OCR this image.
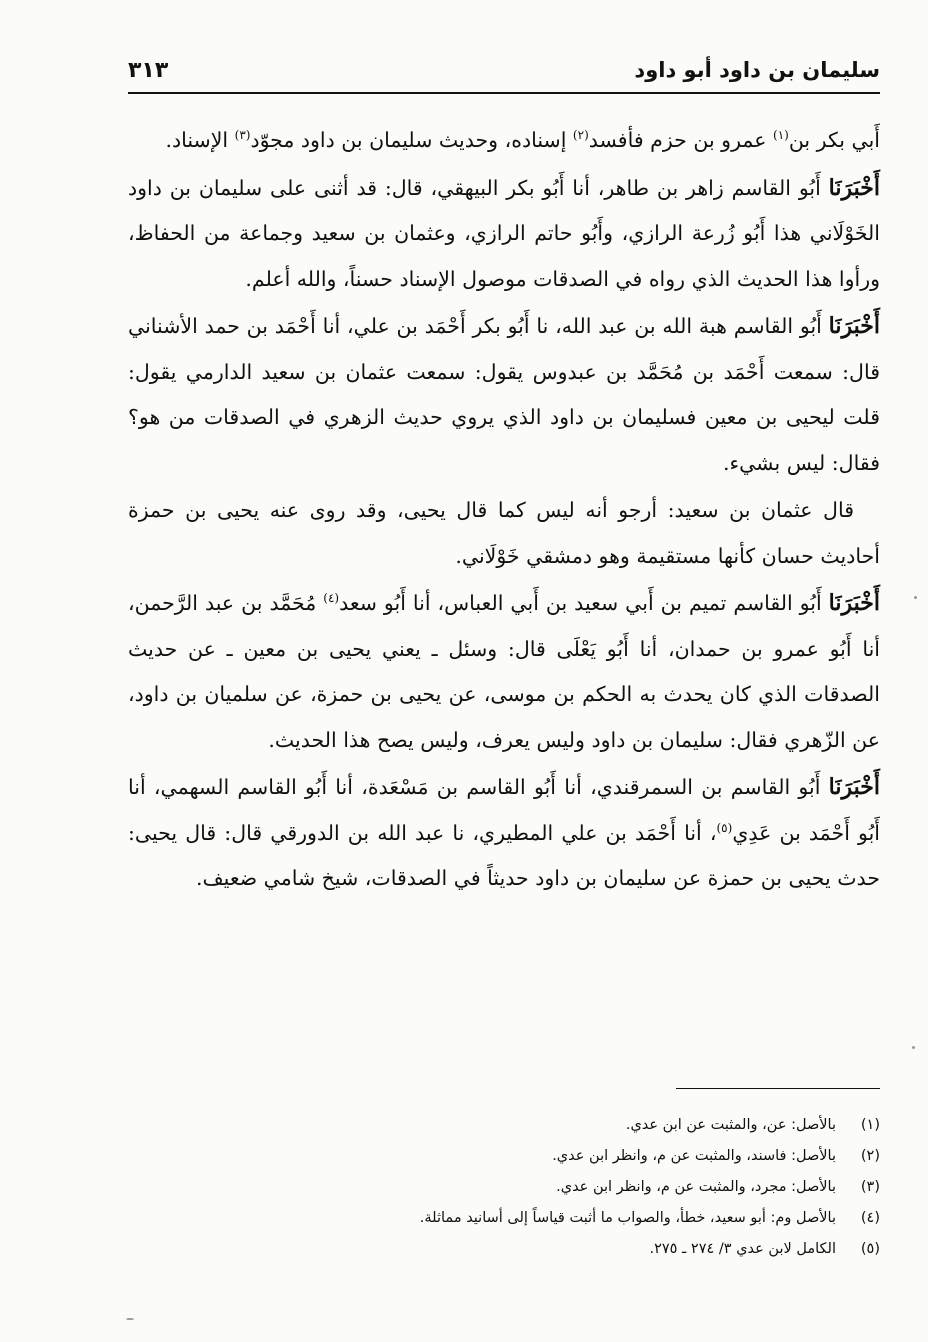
سليمان بن داود أبو داود
٣١٣

أَبي بكر بن$^{(١)}$ عمرو بن حزم فأفسد$^{(٢)}$ إسناده، وحديث سليمان بن داود مجوّد$^{(٣)}$ الإسناد.

أَخْبَرَنَا أَبُو القاسم زاهر بن طاهر، أنا أَبُو بكر البيهقي، قال: قد أثنى على سليمان بن داود الخَوْلَاني هذا أَبُو زُرعة الرازي، وأَبُو حاتم الرازي، وعثمان بن سعيد وجماعة من الحفاظ، ورأوا هذا الحديث الذي رواه في الصدقات موصول الإسناد حسناً، والله أعلم.

أَخْبَرَنَا أَبُو القاسم هبة الله بن عبد الله، نا أَبُو بكر أَحْمَد بن علي، أنا أَحْمَد بن حمد الأشناني قال: سمعت أَحْمَد بن مُحَمَّد بن عبدوس يقول: سمعت عثمان بن سعيد الدارمي يقول: قلت ليحيى بن معين فسليمان بن داود الذي يروي حديث الزهري في الصدقات من هو؟ فقال: ليس بشيء.

قال عثمان بن سعيد: أرجو أنه ليس كما قال يحيى، وقد روى عنه يحيى بن حمزة أحاديث حسان كأنها مستقيمة وهو دمشقي خَوْلَاني.

أَخْبَرَنَا أَبُو القاسم تميم بن أَبي سعيد بن أَبي العباس، أنا أَبُو سعد$^{(٤)}$ مُحَمَّد بن عبد الرَّحمن، أنا أَبُو عمرو بن حمدان، أنا أَبُو يَعْلَى قال: وسئل ـ يعني يحيى بن معين ـ عن حديث الصدقات الذي كان يحدث به الحكم بن موسى، عن يحيى بن حمزة، عن سلميان بن داود، عن الزّهري فقال: سليمان بن داود وليس يعرف، وليس يصح هذا الحديث.

أَخْبَرَنَا أَبُو القاسم بن السمرقندي، أنا أَبُو القاسم بن مَسْعَدة، أنا أَبُو القاسم السهمي، أنا أَبُو أَحْمَد بن عَدِي$^{(٥)}$، أنا أَحْمَد بن علي المطيري، نا عبد الله بن الدورقي قال: قال يحيى: حدث يحيى بن حمزة عن سليمان بن داود حديثاً في الصدقات، شيخ شامي ضعيف.

(١)بالأصل: عن، والمثبت عن ابن عدي.
(٢)بالأصل: فاسند، والمثبت عن م، وانظر ابن عدي.
(٣)بالأصل: مجرد، والمثبت عن م، وانظر ابن عدي.
(٤)بالأصل وم: أبو سعيد، خطأ، والصواب ما أثبت قياساً إلى أسانيد مماثلة.
(٥)الكامل لابن عدي ٣/ ٢٧٤ ـ ٢٧٥.
